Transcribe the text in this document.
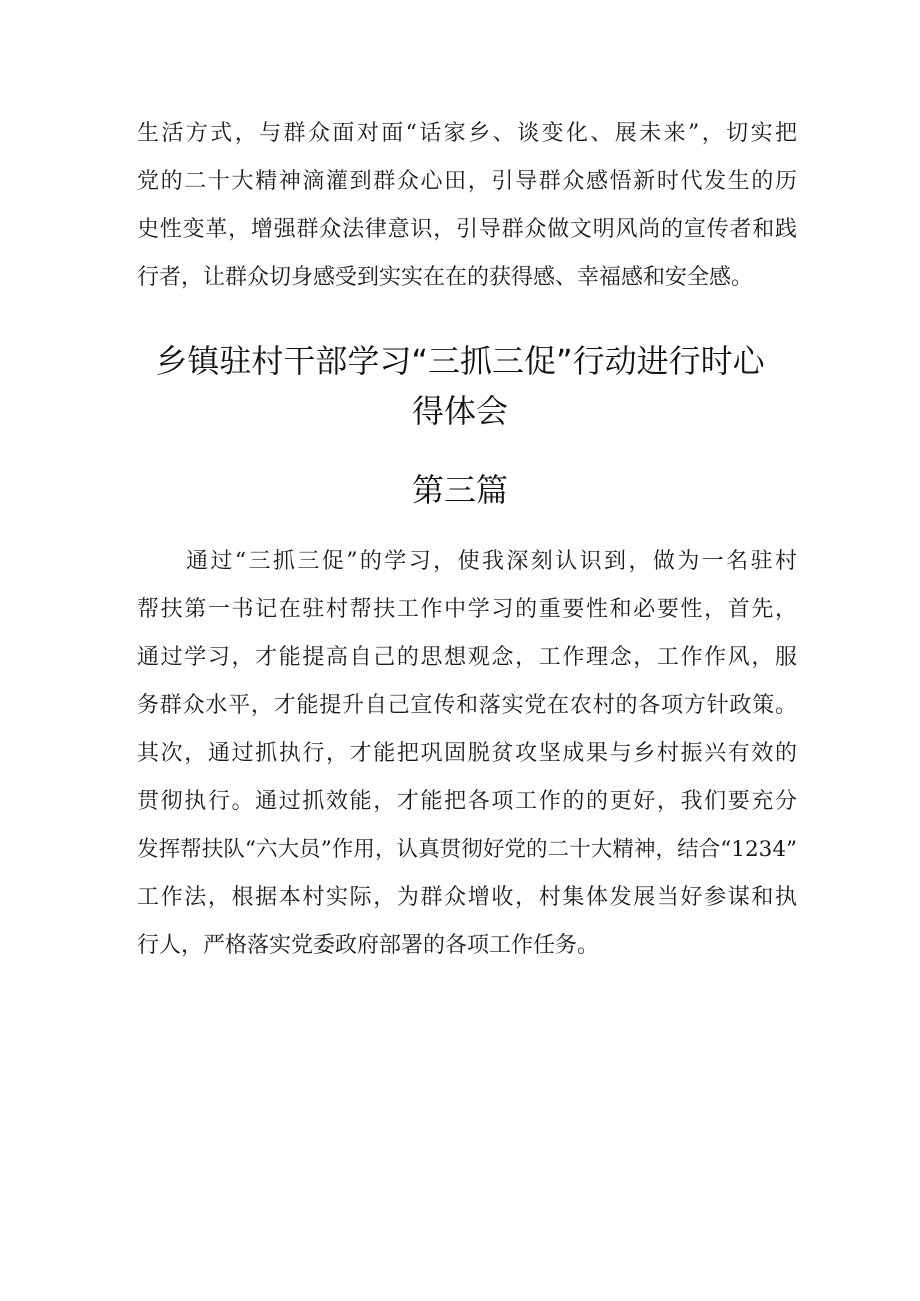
生活方式，与群众面对面“话家乡、谈变化、展未来”，切实把
党的二十大精神滴灌到群众心田，引导群众感悟新时代发生的历
史性变革，增强群众法律意识，引导群众做文明风尚的宣传者和践
行者，让群众切身感受到实实在在的获得感、幸福感和安全感。
乡镇驻村干部学习“三抓三促”行动进行时心
得体会
第三篇
通过“三抓三促”的学习，使我深刻认识到，做为一名驻村
帮扶第一书记在驻村帮扶工作中学习的重要性和必要性，首先，
通过学习，才能提高自己的思想观念，工作理念，工作作风，服
务群众水平，才能提升自己宣传和落实党在农村的各项方针政策。
其次，通过抓执行，才能把巩固脱贫攻坚成果与乡村振兴有效的
贯彻执行。通过抓效能，才能把各项工作的的更好，我们要充分
发挥帮扶队“六大员”作用，认真贯彻好党的二十大精神，结合“1234”
工作法，根据本村实际，为群众增收，村集体发展当好参谋和执
行人，严格落实党委政府部署的各项工作任务。
